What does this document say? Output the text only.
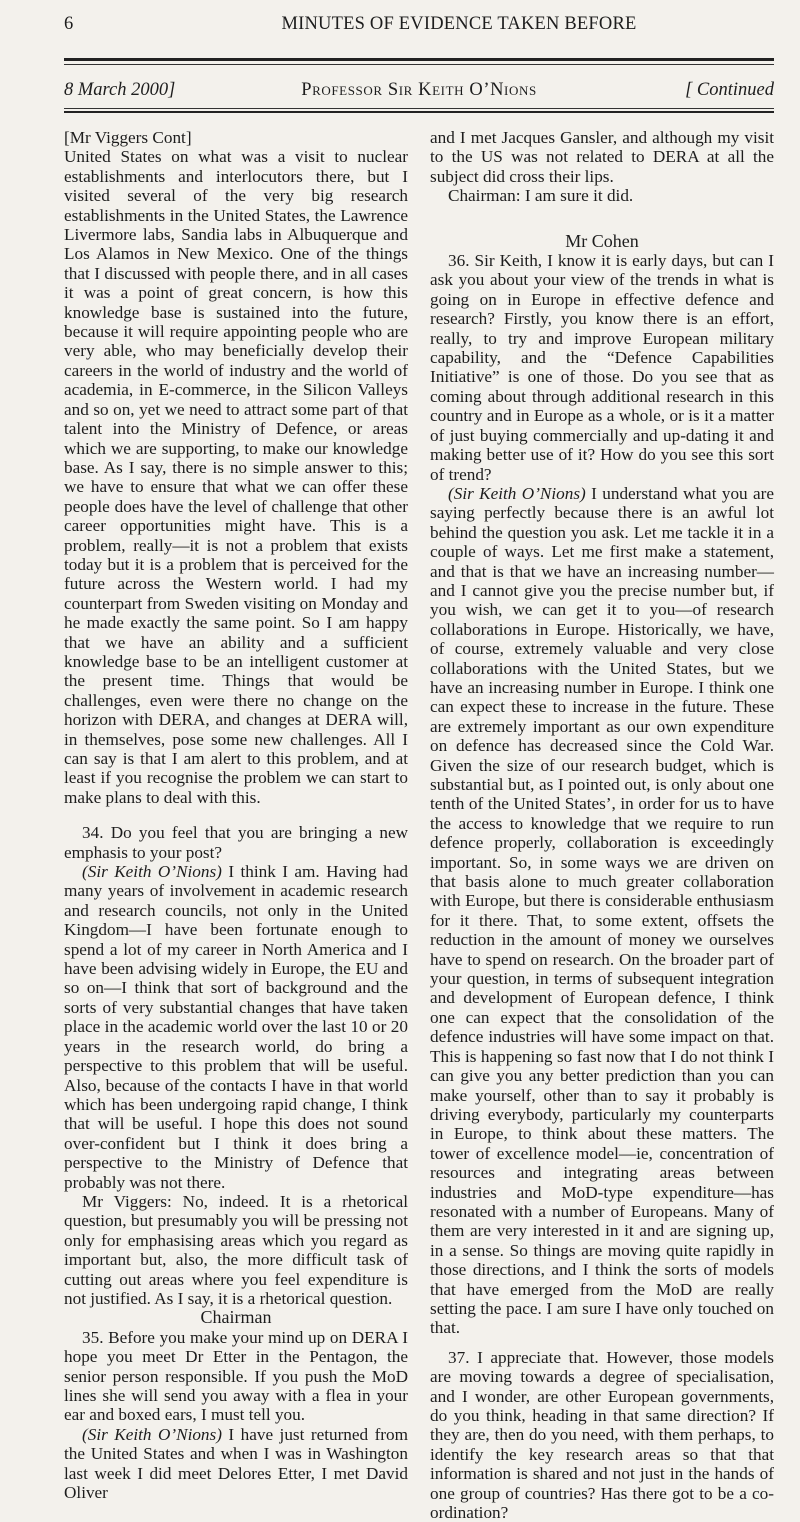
6	MINUTES OF EVIDENCE TAKEN BEFORE
8 March 2000]	Professor Sir Keith O’Nions	[ Continued

[Mr Viggers Cont]

United States on what was a visit to nuclear establishments and interlocutors there, but I visited several of the very big research establishments in the United States, the Lawrence Livermore labs, Sandia labs in Albuquerque and Los Alamos in New Mexico. One of the things that I discussed with people there, and in all cases it was a point of great concern, is how this knowledge base is sustained into the future, because it will require appointing people who are very able, who may beneficially develop their careers in the world of industry and the world of academia, in E-commerce, in the Silicon Valleys and so on, yet we need to attract some part of that talent into the Ministry of Defence, or areas which we are supporting, to make our knowledge base. As I say, there is no simple answer to this; we have to ensure that what we can offer these people does have the level of challenge that other career opportunities might have. This is a problem, really—it is not a problem that exists today but it is a problem that is perceived for the future across the Western world. I had my counterpart from Sweden visiting on Monday and he made exactly the same point. So I am happy that we have an ability and a sufficient knowledge base to be an intelligent customer at the present time. Things that would be challenges, even were there no change on the horizon with DERA, and changes at DERA will, in themselves, pose some new challenges. All I can say is that I am alert to this problem, and at least if you recognise the problem we can start to make plans to deal with this.

34. Do you feel that you are bringing a new emphasis to your post?

(Sir Keith O’Nions) I think I am. Having had many years of involvement in academic research and research councils, not only in the United Kingdom—I have been fortunate enough to spend a lot of my career in North America and I have been advising widely in Europe, the EU and so on—I think that sort of background and the sorts of very substantial changes that have taken place in the academic world over the last 10 or 20 years in the research world, do bring a perspective to this problem that will be useful. Also, because of the contacts I have in that world which has been undergoing rapid change, I think that will be useful. I hope this does not sound over-confident but I think it does bring a perspective to the Ministry of Defence that probably was not there.

Mr Viggers: No, indeed. It is a rhetorical question, but presumably you will be pressing not only for emphasising areas which you regard as important but, also, the more difficult task of cutting out areas where you feel expenditure is not justified. As I say, it is a rhetorical question.

Chairman

35. Before you make your mind up on DERA I hope you meet Dr Etter in the Pentagon, the senior person responsible. If you push the MoD lines she will send you away with a flea in your ear and boxed ears, I must tell you.

(Sir Keith O’Nions) I have just returned from the United States and when I was in Washington last week I did meet Delores Etter, I met David Oliver

and I met Jacques Gansler, and although my visit to the US was not related to DERA at all the subject did cross their lips.

Chairman: I am sure it did.

Mr Cohen

36. Sir Keith, I know it is early days, but can I ask you about your view of the trends in what is going on in Europe in effective defence and research? Firstly, you know there is an effort, really, to try and improve European military capability, and the “Defence Capabilities Initiative” is one of those. Do you see that as coming about through additional research in this country and in Europe as a whole, or is it a matter of just buying commercially and up-dating it and making better use of it? How do you see this sort of trend?

(Sir Keith O’Nions) I understand what you are saying perfectly because there is an awful lot behind the question you ask. Let me tackle it in a couple of ways. Let me first make a statement, and that is that we have an increasing number—and I cannot give you the precise number but, if you wish, we can get it to you—of research collaborations in Europe. Historically, we have, of course, extremely valuable and very close collaborations with the United States, but we have an increasing number in Europe. I think one can expect these to increase in the future. These are extremely important as our own expenditure on defence has decreased since the Cold War. Given the size of our research budget, which is substantial but, as I pointed out, is only about one tenth of the United States’, in order for us to have the access to knowledge that we require to run defence properly, collaboration is exceedingly important. So, in some ways we are driven on that basis alone to much greater collaboration with Europe, but there is considerable enthusiasm for it there. That, to some extent, offsets the reduction in the amount of money we ourselves have to spend on research. On the broader part of your question, in terms of subsequent integration and development of European defence, I think one can expect that the consolidation of the defence industries will have some impact on that. This is happening so fast now that I do not think I can give you any better prediction than you can make yourself, other than to say it probably is driving everybody, particularly my counterparts in Europe, to think about these matters. The tower of excellence model—ie, concentration of resources and integrating areas between industries and MoD-type expenditure—has resonated with a number of Europeans. Many of them are very interested in it and are signing up, in a sense. So things are moving quite rapidly in those directions, and I think the sorts of models that have emerged from the MoD are really setting the pace. I am sure I have only touched on that.

37. I appreciate that. However, those models are moving towards a degree of specialisation, and I wonder, are other European governments, do you think, heading in that same direction? If they are, then do you need, with them perhaps, to identify the key research areas so that that information is shared and not just in the hands of one group of countries? Has there got to be a co-ordination?
